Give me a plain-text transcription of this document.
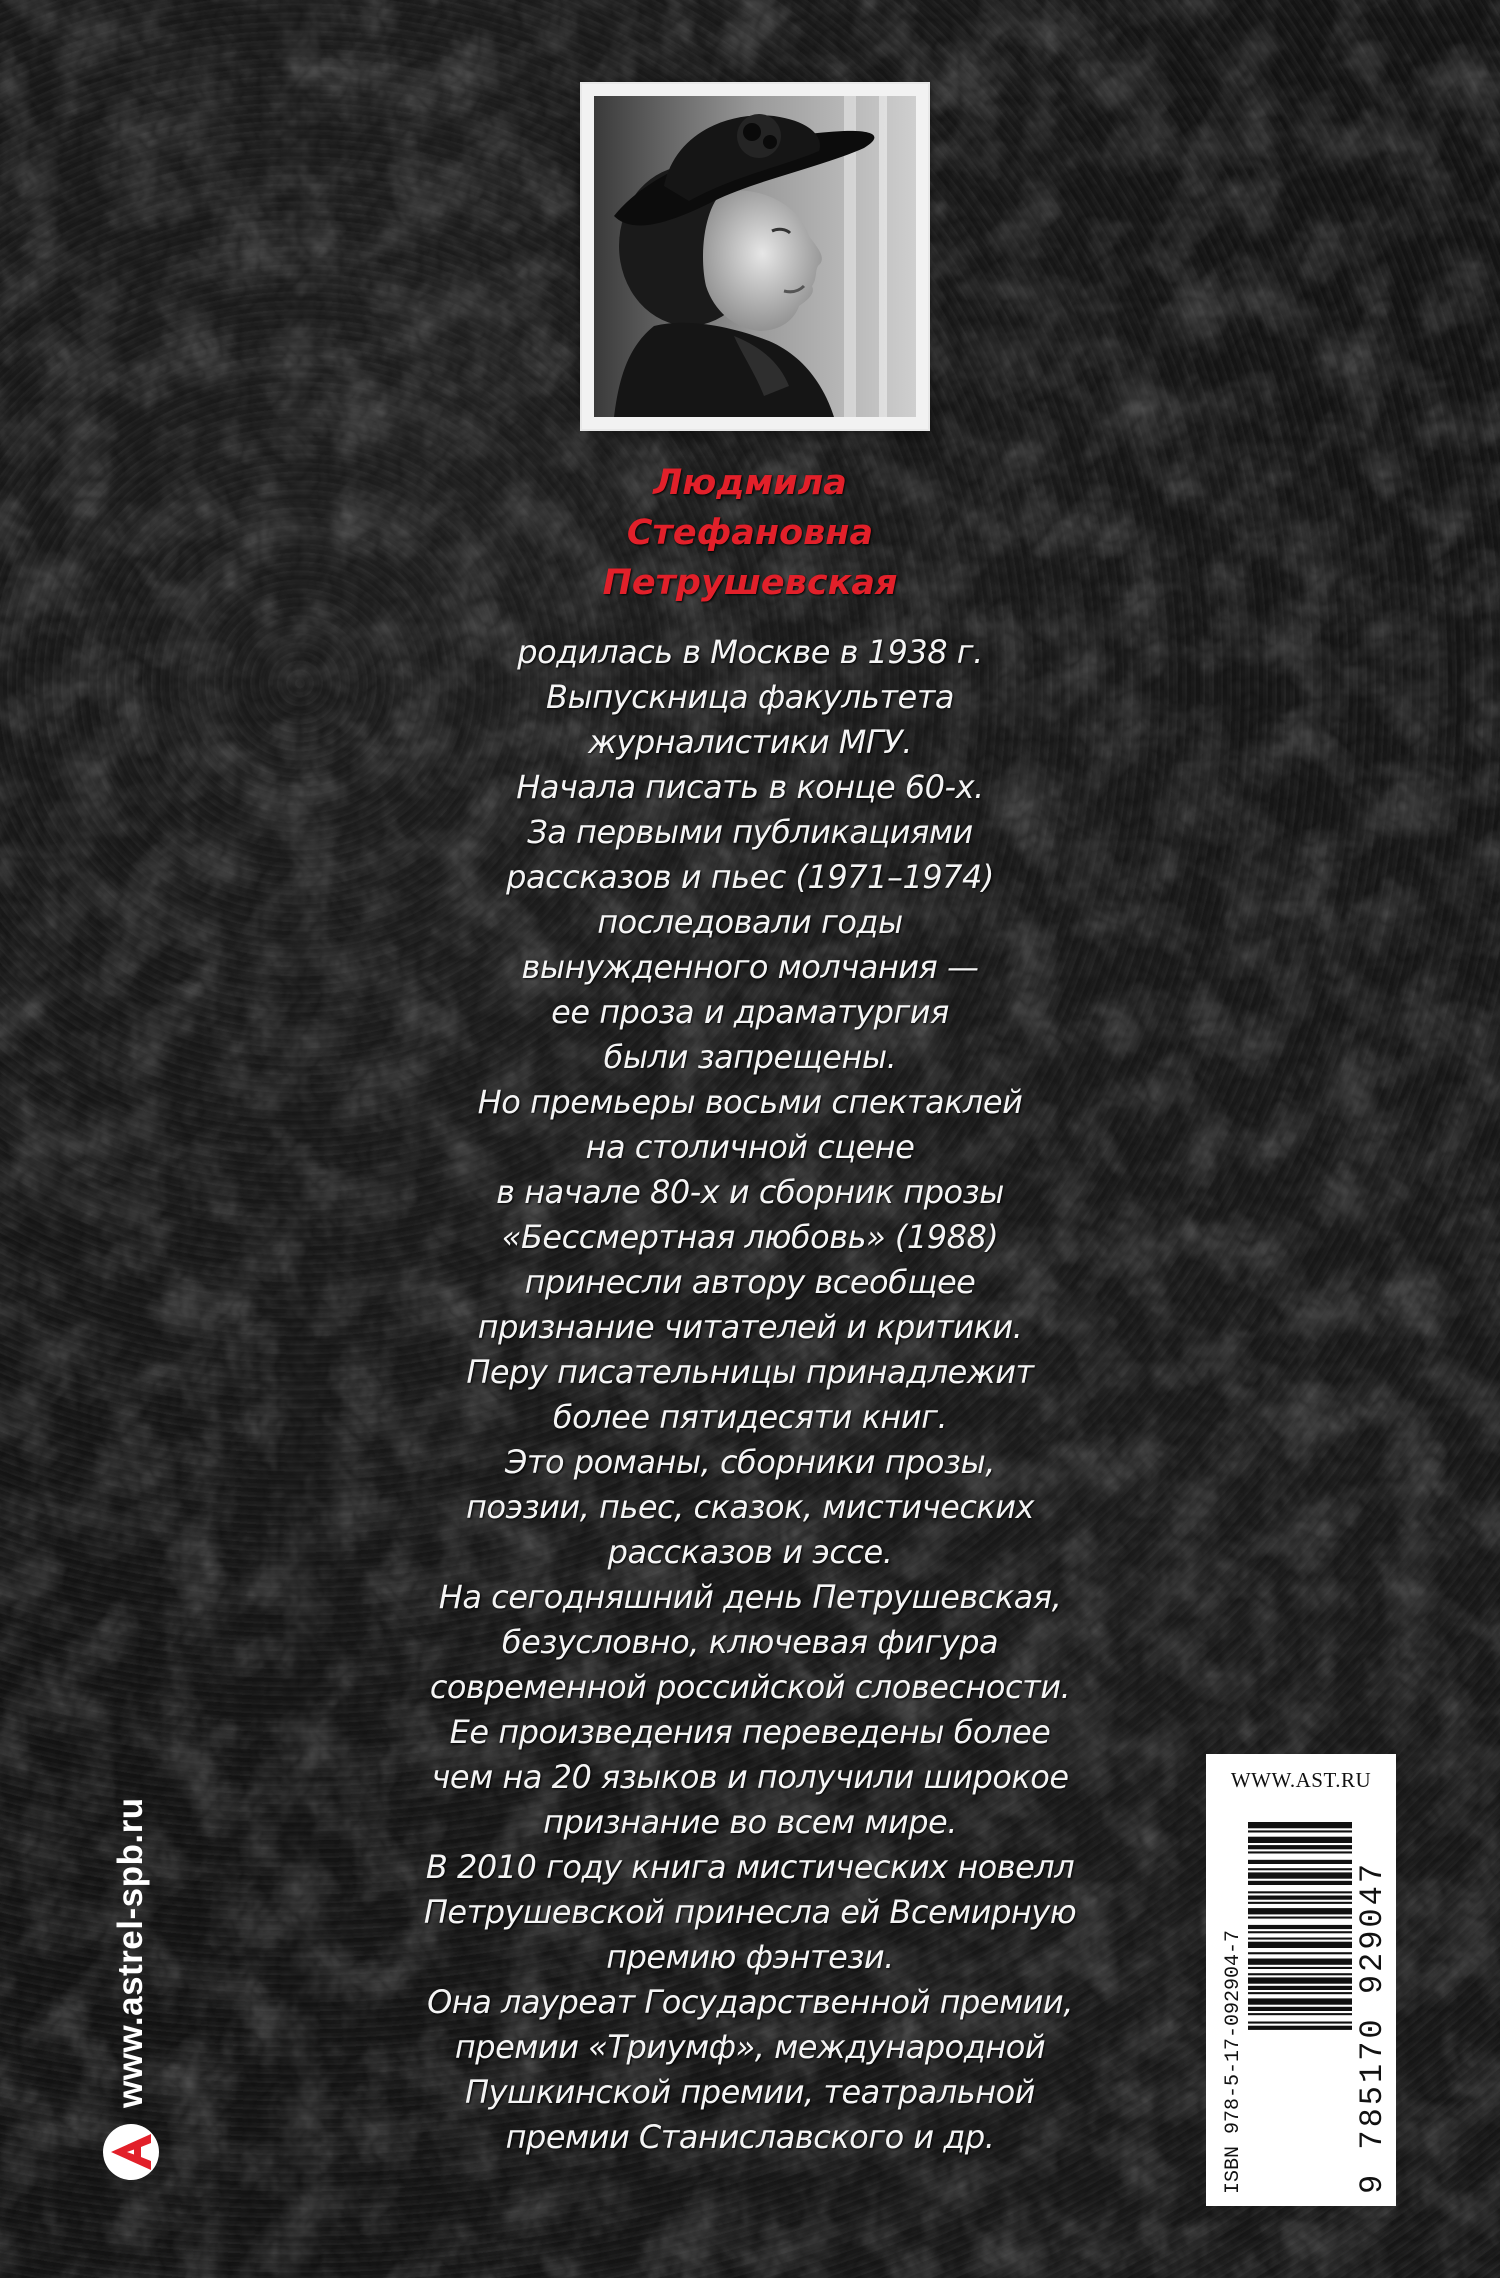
Людмила
Стефановна
Петрушевская
родилась в Москве в 1938 г.
Выпускница факультета
журналистики МГУ.
Начала писать в конце 60-х.
За первыми публикациями
рассказов и пьес (1971–1974)
последовали годы
вынужденного молчания —
ее проза и драматургия
были запрещены.
Но премьеры восьми спектаклей
на столичной сцене
в начале 80-х и сборник прозы
«Бессмертная любовь» (1988)
принесли автору всеобщее
признание читателей и критики.
Перу писательницы принадлежит
более пятидесяти книг.
Это романы, сборники прозы,
поэзии, пьес, сказок, мистических
рассказов и эссе.
На сегодняшний день Петрушевская,
безусловно, ключевая фигура
современной российской словесности.
Ее произведения переведены более
чем на 20 языков и получили широкое
признание во всем мире.
В 2010 году книга мистических новелл
Петрушевской принесла ей Всемирную
премию фэнтези.
Она лауреат Государственной премии,
премии «Триумф», международной
Пушкинской премии, театральной
премии Станиславского и др.
www.astrel-spb.ru
WWW.AST.RU
ISBN 978-5-17-092904-7	9 785170 929047
